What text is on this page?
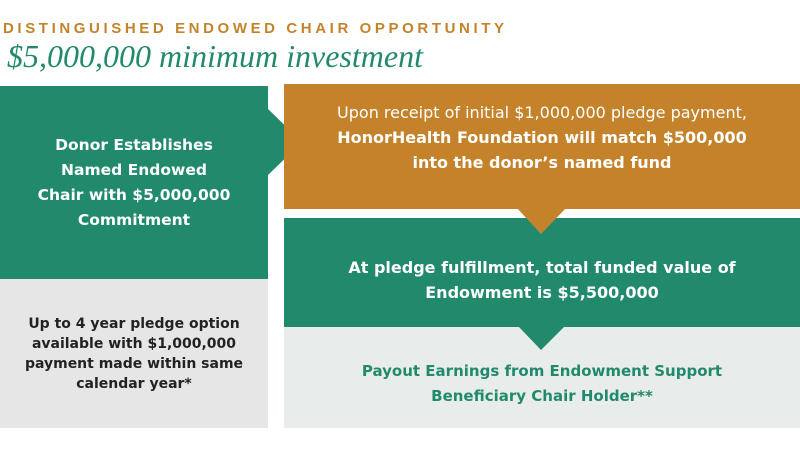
DISTINGUISHED ENDOWED CHAIR OPPORTUNITY
$5,000,000 minimum investment
Donor Establishes
Named Endowed
Chair with $5,000,000
Commitment
Up to 4 year pledge option
available with $1,000,000
payment made within same
calendar year*
Upon receipt of initial $1,000,000 pledge payment,
HonorHealth Foundation will match $500,000
into the donor’s named fund
At pledge fulfillment, total funded value of
Endowment is $5,500,000
Payout Earnings from Endowment Support
Beneficiary Chair Holder**
